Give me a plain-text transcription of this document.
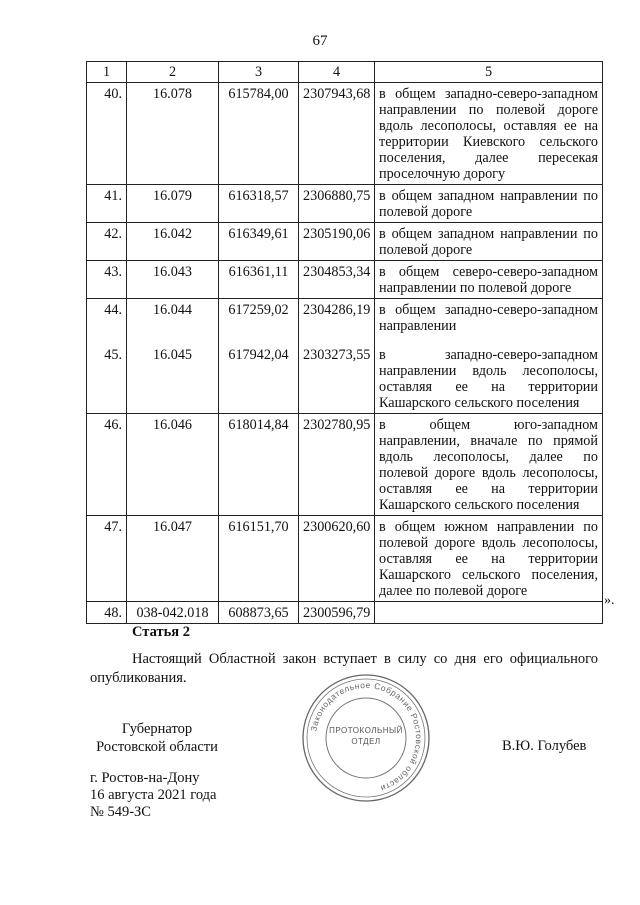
67
1	2	3	4	5
40.	16.078	615784,00	2307943,68	в общем западно-северо-западном направлении по полевой дороге вдоль лесополосы, оставляя ее на территории Киевского сельского поселения, далее пересекая проселочную дорогу
41.	16.079	616318,57	2306880,75	в общем западном направлении по полевой дороге
42.	16.042	616349,61	2305190,06	в общем западном направлении по полевой дороге
43.	16.043	616361,11	2304853,34	в общем северо-северо-западном направлении по полевой дороге
44.	16.044	617259,02	2304286,19	в общем западно-северо-западном направлении
45.	16.045	617942,04	2303273,55	в западно-северо-западном направлении вдоль лесополосы, оставляя ее на территории Кашарского сельского поселения
46.	16.046	618014,84	2302780,95	в общем юго-западном направлении, вначале по прямой вдоль лесополосы, далее по полевой дороге вдоль лесополосы, оставляя ее на территории Кашарского сельского поселения
47.	16.047	616151,70	2300620,60	в общем южном направлении по полевой дороге вдоль лесополосы, оставляя ее на территории Кашарского сельского поселения, далее по полевой дороге
48.	038-042.018	608873,65	2300596,79	
».
Статья 2
Настоящий Областной закон вступает в силу со дня его официального опубликования.
Губернатор
Ростовской области	В.Ю. Голубев
г. Ростов-на-Дону
16 августа 2021 года
№ 549-ЗС
Законодательное Собрание Ростовской области
ПРОТОКОЛЬНЫЙ
ОТДЕЛ
